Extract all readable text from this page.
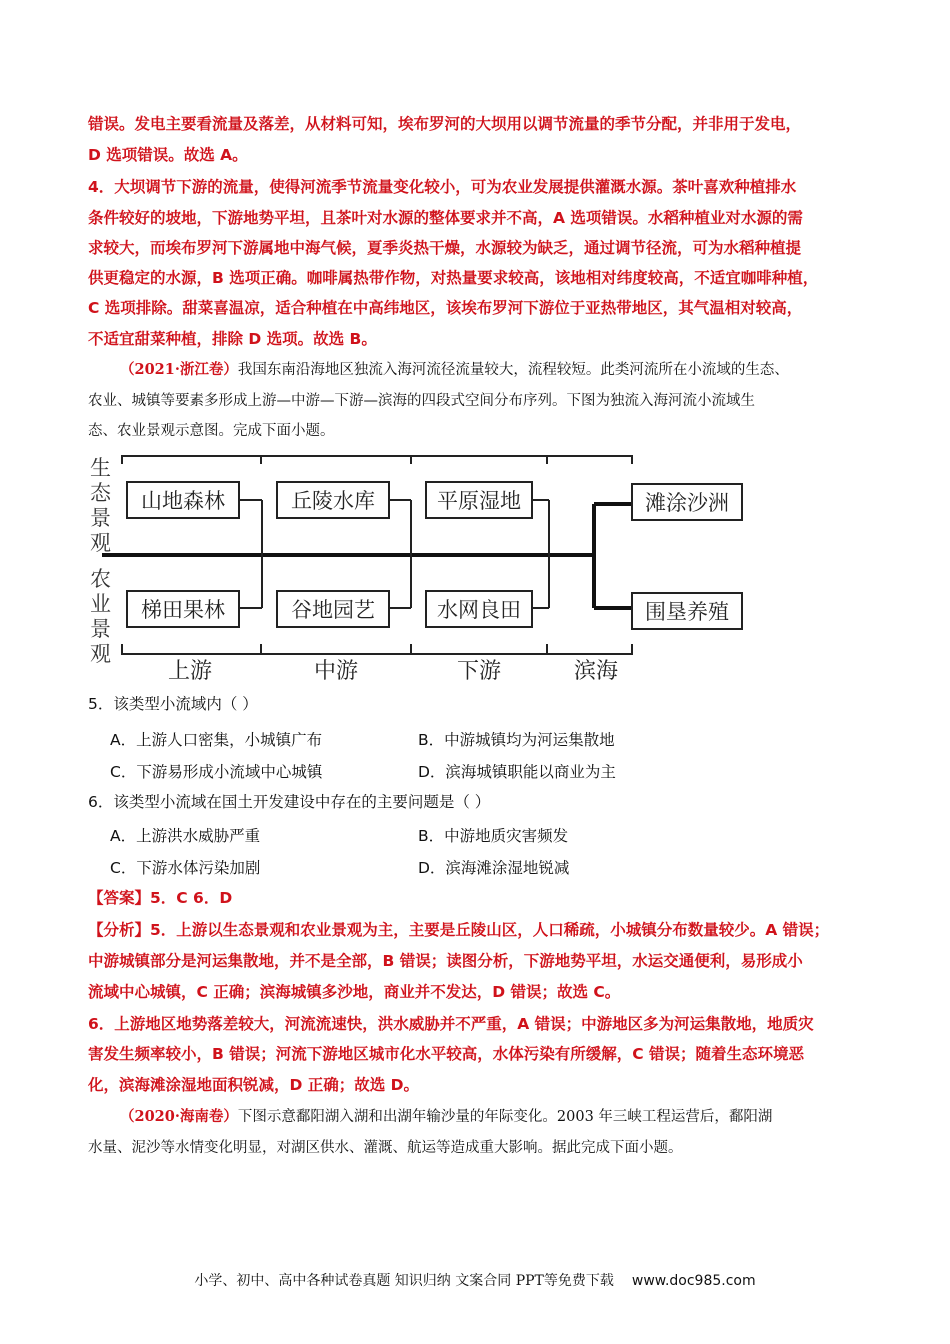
错误。发电主要看流量及落差，从材料可知，埃布罗河的大坝用以调节流量的季节分配，并非用于发电，
D 选项错误。故选 A。
4．大坝调节下游的流量，使得河流季节流量变化较小，可为农业发展提供灌溉水源。茶叶喜欢种植排水
条件较好的坡地，下游地势平坦，且茶叶对水源的整体要求并不高，A 选项错误。水稻种植业对水源的需
求较大，而埃布罗河下游属地中海气候，夏季炎热干燥，水源较为缺乏，通过调节径流，可为水稻种植提
供更稳定的水源，B 选项正确。咖啡属热带作物，对热量要求较高，该地相对纬度较高，不适宜咖啡种植，
C 选项排除。甜菜喜温凉，适合种植在中高纬地区，该埃布罗河下游位于亚热带地区，其气温相对较高，
不适宜甜菜种植，排除 D 选项。故选 B。
（2021·浙江卷）我国东南沿海地区独流入海河流径流量较大，流程较短。此类河流所在小流域的生态、
农业、城镇等要素多形成上游—中游—下游—滨海的四段式空间分布序列。下图为独流入海河流小流域生
态、农业景观示意图。完成下面小题。
生
态
景
观
农
业
景
观
山地森林	丘陵水库	平原湿地	滩涂沙洲
梯田果林	谷地园艺	水网良田	围垦养殖
上游	中游	下游	滨海
5．该类型小流域内（ ）
A．上游人口密集，小城镇广布	B．中游城镇均为河运集散地
C．下游易形成小流域中心城镇	D．滨海城镇职能以商业为主
6．该类型小流域在国土开发建设中存在的主要问题是（ ）
A．上游洪水威胁严重	B．中游地质灾害频发
C．下游水体污染加剧	D．滨海滩涂湿地锐减
【答案】5．C 6．D
【分析】5．上游以生态景观和农业景观为主，主要是丘陵山区，人口稀疏，小城镇分布数量较少。A 错误；
中游城镇部分是河运集散地，并不是全部，B 错误；读图分析，下游地势平坦，水运交通便利，易形成小
流域中心城镇，C 正确；滨海城镇多沙地，商业并不发达，D 错误；故选 C。
6．上游地区地势落差较大，河流流速快，洪水威胁并不严重，A 错误；中游地区多为河运集散地，地质灾
害发生频率较小，B 错误；河流下游地区城市化水平较高，水体污染有所缓解，C 错误；随着生态环境恶
化，滨海滩涂湿地面积锐减，D 正确；故选 D。
（2020·海南卷）下图示意鄱阳湖入湖和出湖年输沙量的年际变化。2003 年三峡工程运营后，鄱阳湖
水量、泥沙等水情变化明显，对湖区供水、灌溉、航运等造成重大影响。据此完成下面小题。
小学、初中、高中各种试卷真题 知识归纳 文案合同 PPT等免费下载 www.doc985.com
